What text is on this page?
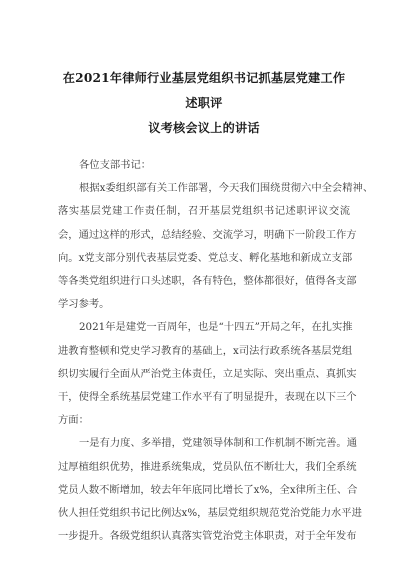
在2021年律师行业基层党组织书记抓基层党建工作述职评
议考核会议上的讲话
各位支部书记：
根据x委组织部有关工作部署，今天我们围绕贯彻六中全会精神、
落实基层党建工作责任制，召开基层党组织书记述职评议交流
会，通过这样的形式，总结经验、交流学习，明确下一阶段工作方
向。x党支部分别代表基层党委、党总支、孵化基地和新成立支部
等各类党组织进行口头述职，各有特色，整体都很好，值得各支部
学习参考。
2021年是建党一百周年，也是“十四五”开局之年，在扎实推
进教育整顿和党史学习教育的基础上，x司法行政系统各基层党组
织切实履行全面从严治党主体责任，立足实际、突出重点、真抓实
干，使得全系统基层党建工作水平有了明显提升，表现在以下三个
方面：
一是有力度、多举措，党建领导体制和工作机制不断完善。通
过厚植组织优势，推进系统集成，党员队伍不断壮大，我们全系统
党员人数不断增加，较去年年底同比增长了x%，全x律所主任、合
伙人担任党组织书记比例达x%，基层党组织规范党治党能力水平进
一步提升。各级党组织认真落实管党治党主体职责，对于全年发布
